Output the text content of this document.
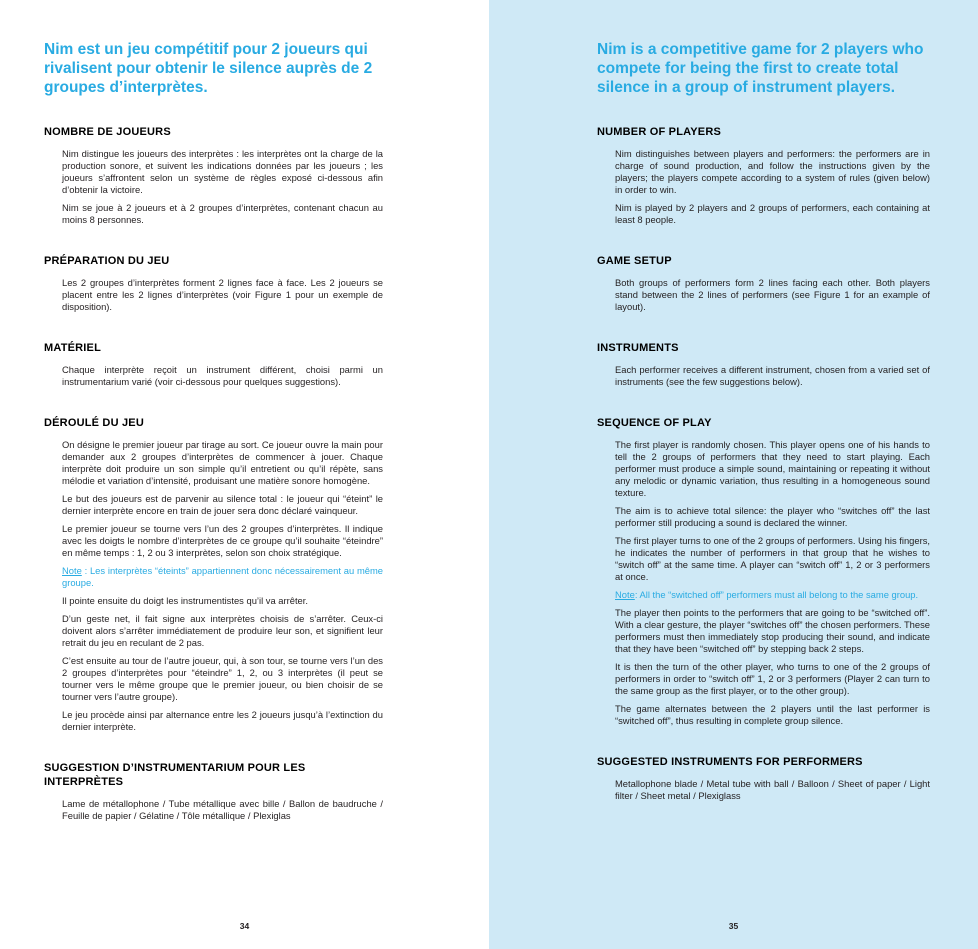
Nim est un jeu compétitif pour 2 joueurs qui rivalisent pour obtenir le silence auprès de 2 groupes d’interprètes.
NOMBRE DE JOUEURS

Nim distingue les joueurs des interprètes : les interprètes ont la charge de la production sonore, et suivent les indications données par les joueurs ; les joueurs s’affrontent selon un système de règles exposé ci-dessous afin d’obtenir la victoire.

Nim se joue à 2 joueurs et à 2 groupes d’interprètes, contenant chacun au moins 8 personnes.

PRÉPARATION DU JEU

Les 2 groupes d’interprètes forment 2 lignes face à face. Les 2 joueurs se placent entre les 2 lignes d’interprètes (voir Figure 1 pour un exemple de disposition).

MATÉRIEL

Chaque interprète reçoit un instrument différent, choisi parmi un instrumentarium varié (voir ci-dessous pour quelques suggestions).

DÉROULÉ DU JEU

On désigne le premier joueur par tirage au sort. Ce joueur ouvre la main pour demander aux 2 groupes d’interprètes de commencer à jouer. Chaque interprète doit produire un son simple qu’il entretient ou qu’il répète, sans mélodie et variation d’intensité, produisant une matière sonore homogène.

Le but des joueurs est de parvenir au silence total : le joueur qui “éteint” le dernier interprète encore en train de jouer sera donc déclaré vainqueur.

Le premier joueur se tourne vers l’un des 2 groupes d’interprètes. Il indique avec les doigts le nombre d’interprètes de ce groupe qu’il souhaite “éteindre” en même temps : 1, 2 ou 3 interprètes, selon son choix stratégique.

Note : Les interprètes “éteints” appartiennent donc nécessairement au même groupe.

Il pointe ensuite du doigt les instrumentistes qu’il va arrêter.

D’un geste net, il fait signe aux interprètes choisis de s’arrêter. Ceux-ci doivent alors s’arrêter immédiatement de produire leur son, et signifient leur retrait du jeu en reculant de 2 pas.

C’est ensuite au tour de l’autre joueur, qui, à son tour, se tourne vers l’un des 2 groupes d’interprètes pour “éteindre” 1, 2, ou 3 interprètes (il peut se tourner vers le même groupe que le premier joueur, ou bien choisir de se tourner vers l’autre groupe).

Le jeu procède ainsi par alternance entre les 2 joueurs jusqu’à l’extinction du dernier interprète.

SUGGESTION D’INSTRUMENTARIUM POUR LES INTERPRÈTES

Lame de métallophone / Tube métallique avec bille / Ballon de baudruche / Feuille de papier / Gélatine / Tôle métallique / Plexiglas

34
Nim is a competitive game for 2 players who compete for being the first to create total silence in a group of instrument players.
NUMBER OF PLAYERS

Nim distinguishes between players and performers: the performers are in charge of sound production, and follow the instructions given by the players; the players compete according to a system of rules (given below) in order to win.

Nim is played by 2 players and 2 groups of performers, each containing at least 8 people.

GAME SETUP

Both groups of performers form 2 lines facing each other. Both players stand between the 2 lines of performers (see Figure 1 for an example of layout).

INSTRUMENTS

Each performer receives a different instrument, chosen from a varied set of instruments (see the few suggestions below).

SEQUENCE OF PLAY

The first player is randomly chosen. This player opens one of his hands to tell the 2 groups of performers that they need to start playing. Each performer must produce a simple sound, maintaining or repeating it without any melodic or dynamic variation, thus resulting in a homogeneous sound texture.

The aim is to achieve total silence: the player who “switches off” the last performer still producing a sound is declared the winner.

The first player turns to one of the 2 groups of performers. Using his fingers, he indicates the number of performers in that group that he wishes to “switch off” at the same time. A player can “switch off” 1, 2 or 3 performers at once.

Note: All the “switched off” performers must all belong to the same group.

The player then points to the performers that are going to be “switched off”. With a clear gesture, the player “switches off” the chosen performers. These performers must then immediately stop producing their sound, and indicate that they have been “switched off” by stepping back 2 steps.

It is then the turn of the other player, who turns to one of the 2 groups of performers in order to “switch off” 1, 2 or 3 performers (Player 2 can turn to the same group as the first player, or to the other group).

The game alternates between the 2 players until the last performer is “switched off”, thus resulting in complete group silence.

SUGGESTED INSTRUMENTS FOR PERFORMERS

Metallophone blade / Metal tube with ball / Balloon / Sheet of paper / Light filter / Sheet metal / Plexiglass

35
